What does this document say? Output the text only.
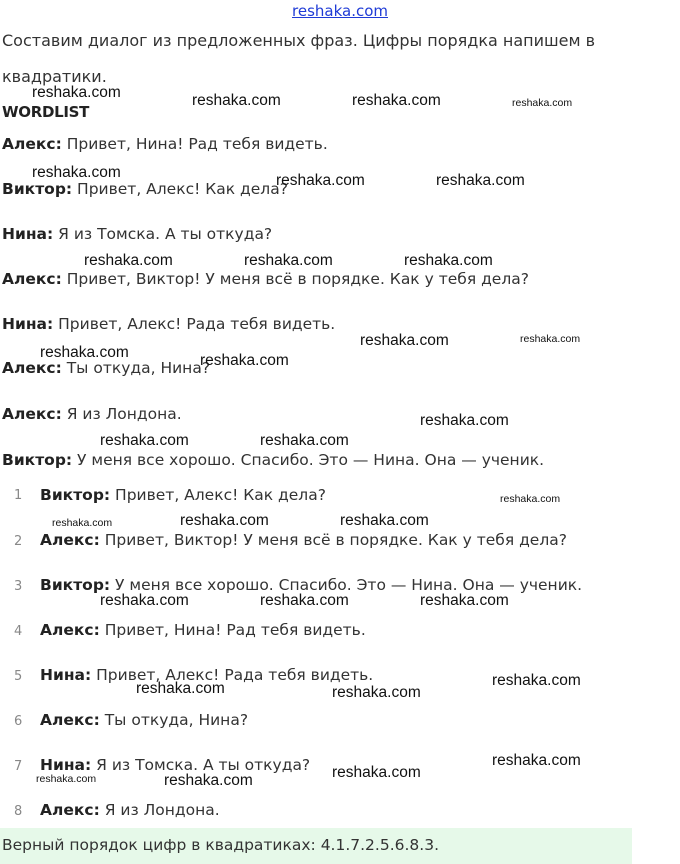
reshaka.com
Составим диалог из предложенных фраз. Цифры порядка напишем в
квадратики.
WORDLIST
Алекс: Привет, Нина! Рад тебя видеть.
Виктор: Привет, Алекс! Как дела?
Нина: Я из Томска. А ты откуда?
Алекс: Привет, Виктор! У меня всё в порядке. Как у тебя дела?
Нина: Привет, Алекс! Рада тебя видеть.
Алекс: Ты откуда, Нина?
Алекс: Я из Лондона.
Виктор: У меня все хорошо. Спасибо. Это — Нина. Она — ученик.
1 Виктор: Привет, Алекс! Как дела?
2 Алекс: Привет, Виктор! У меня всё в порядке. Как у тебя дела?
3 Виктор: У меня все хорошо. Спасибо. Это — Нина. Она — ученик.
4 Алекс: Привет, Нина! Рад тебя видеть.
5 Нина: Привет, Алекс! Рада тебя видеть.
6 Алекс: Ты откуда, Нина?
7 Нина: Я из Томска. А ты откуда?
8 Алекс: Я из Лондона.
Верный порядок цифр в квадратиках: 4.1.7.2.5.6.8.3.
reshaka.com	reshaka.com	reshaka.com	reshaka.com
reshaka.com	reshaka.com	reshaka.com
reshaka.com	reshaka.com	reshaka.com
reshaka.com	reshaka.com
reshaka.com	reshaka.com
reshaka.com
reshaka.com	reshaka.com
reshaka.com
reshaka.com	reshaka.com	reshaka.com
reshaka.com	reshaka.com	reshaka.com
reshaka.com
reshaka.com	reshaka.com
reshaka.com
reshaka.com
reshaka.com	reshaka.com
